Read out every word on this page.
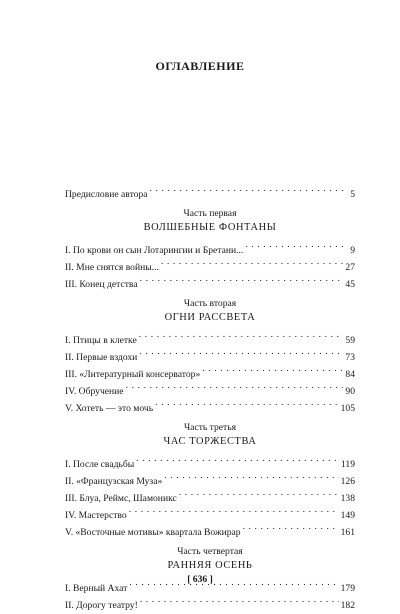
ОГЛАВЛЕНИЕ
Предисловие автора . . .	5
Часть первая
ВОЛШЕБНЫЕ ФОНТАНЫ
I. По крови он сын Лотарингии и Бретани... . . .	9
II. Мне снятся войны... . . .	27
III. Конец детства . . .	45
Часть вторая
ОГНИ РАССВЕТА
I. Птицы в клетке . . .	59
II. Первые вздохи . . .	73
III. «Литературный консерватор» . . .	84
IV. Обручение . . .	90
V. Хотеть — это мочь . . .	105
Часть третья
ЧАС ТОРЖЕСТВА
I. После свадьбы . . .	119
II. «Французская Муза» . . .	126
III. Блуа, Реймс, Шамоникс . . .	138
IV. Мастерство . . .	149
V. «Восточные мотивы» квартала Вожирар . . .	161
Часть четвертая
РАННЯЯ ОСЕНЬ
I. Верный Ахат . . .	179
II. Дорогу театру! . . .	182
[ 636 ]
